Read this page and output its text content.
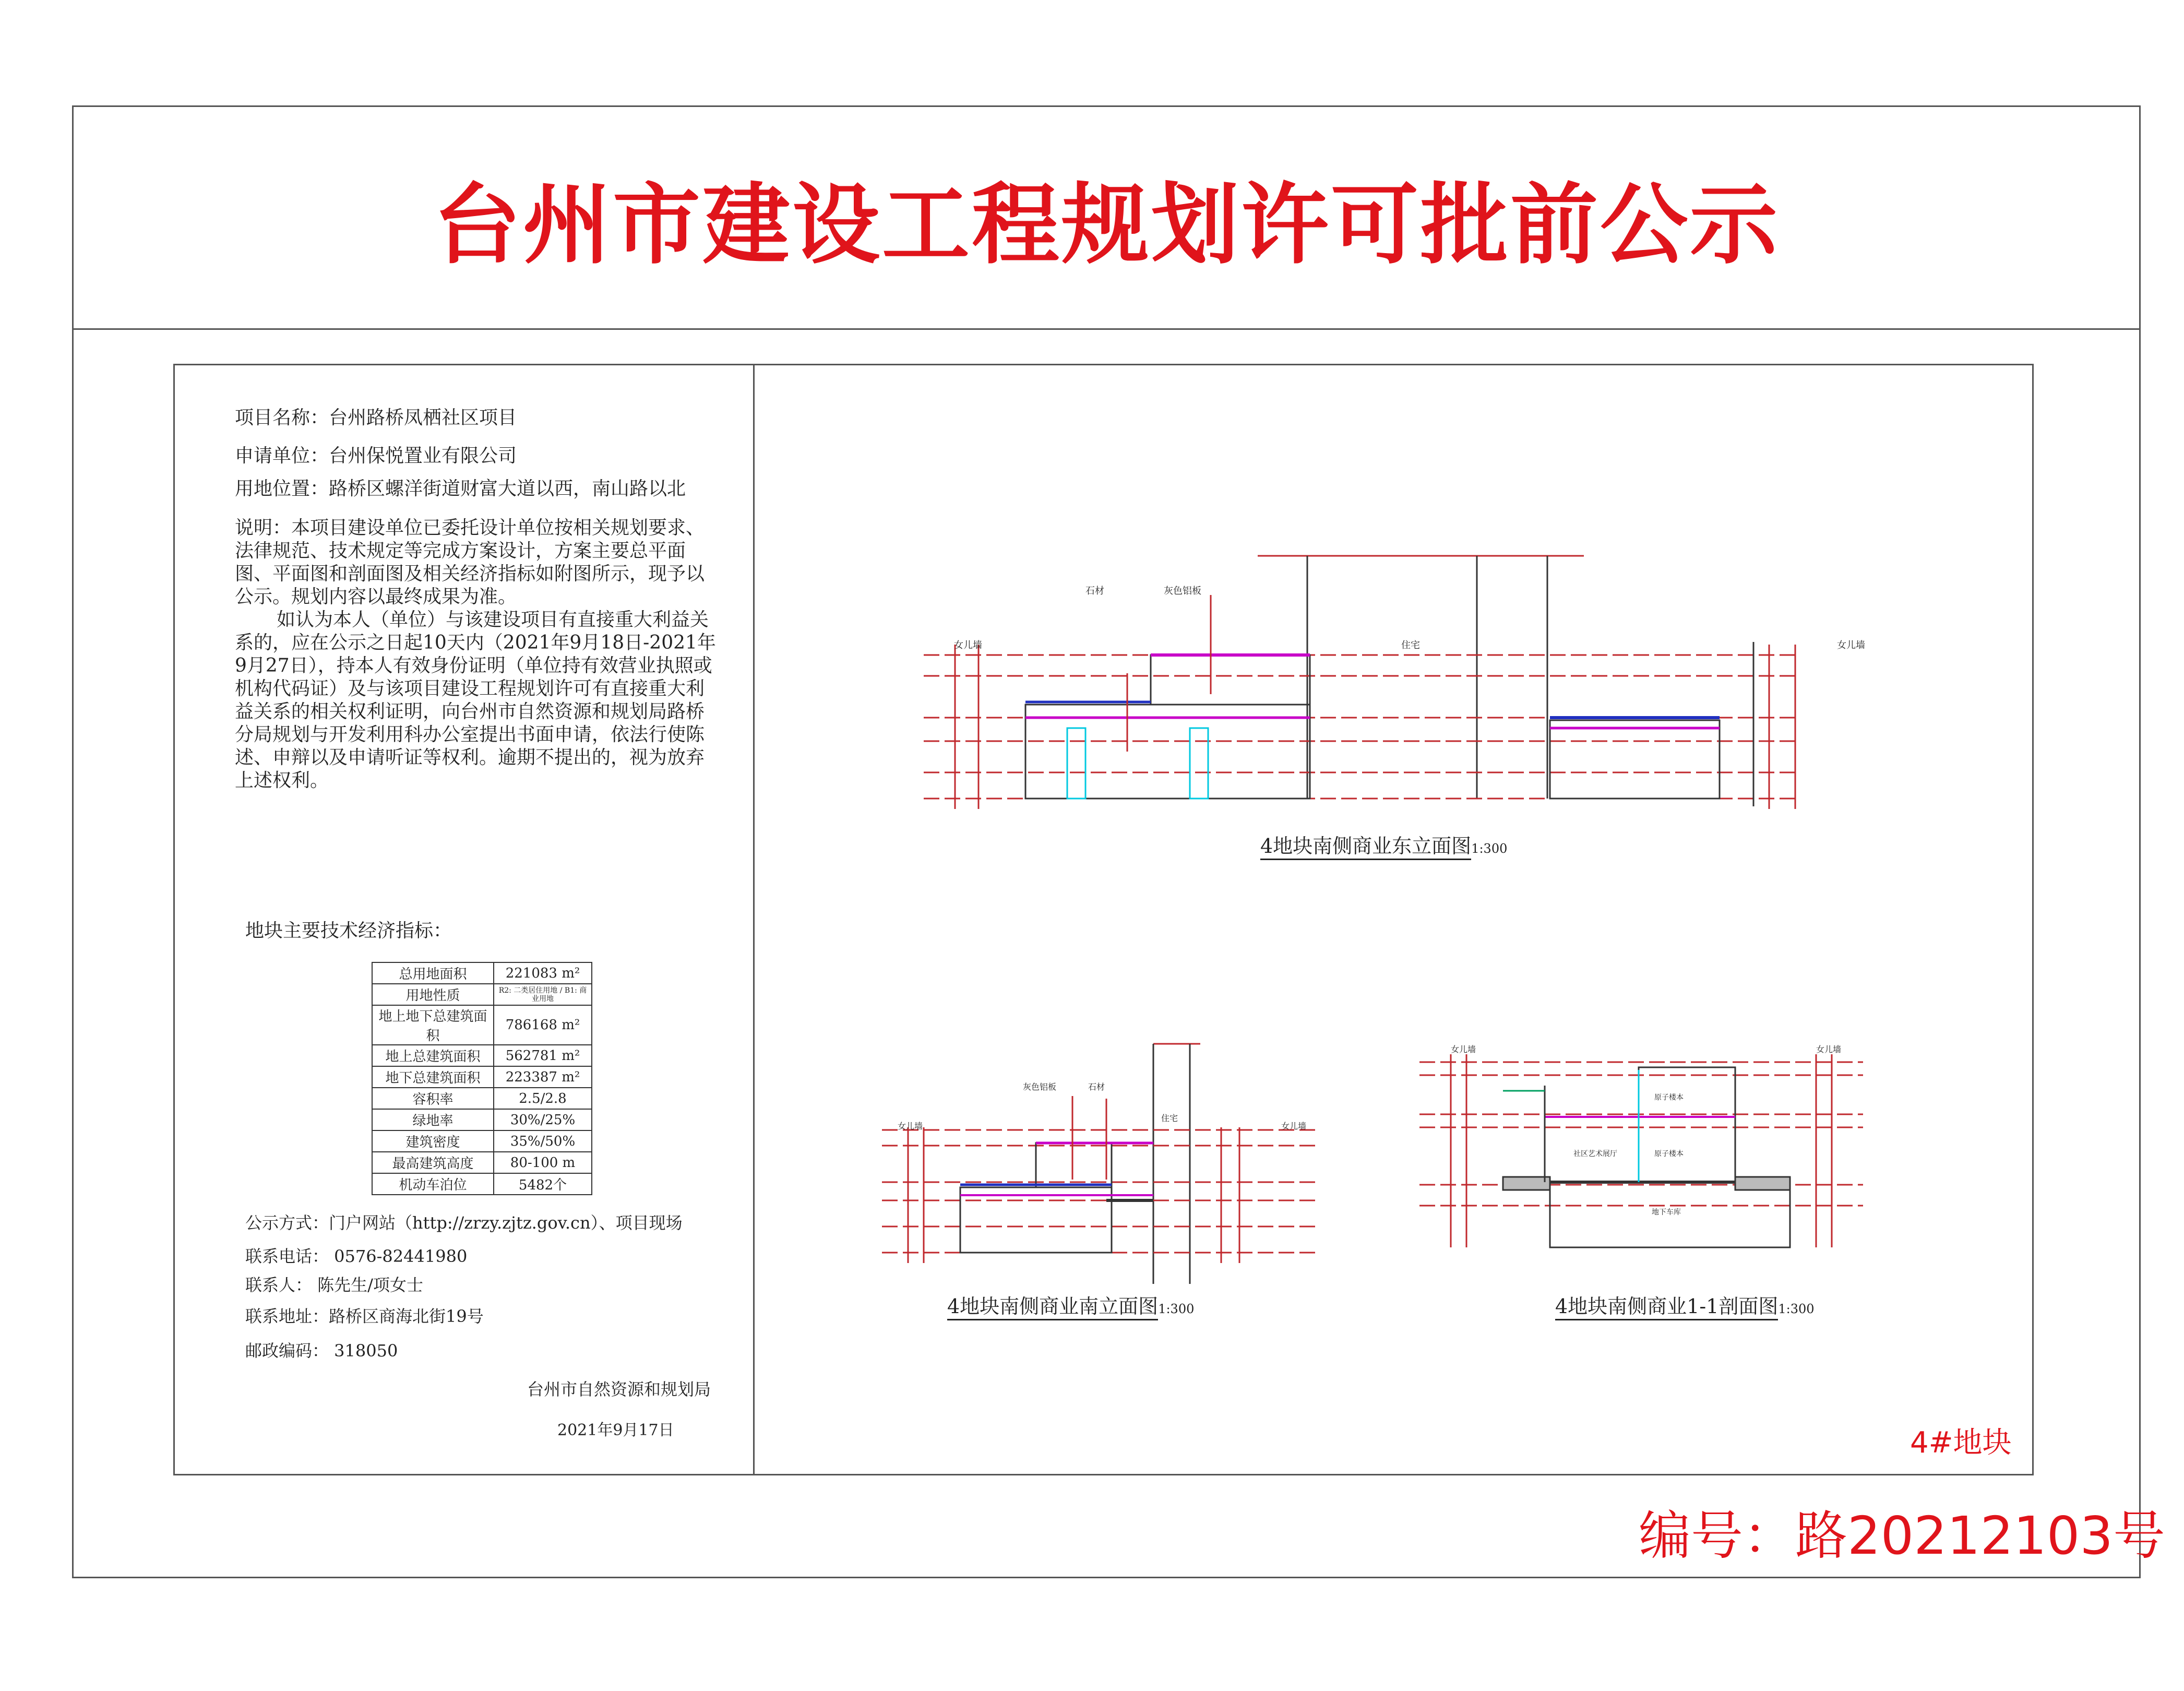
台州市建设工程规划许可批前公示
项目名称：台州路桥凤栖社区项目
申请单位：台州保悦置业有限公司
用地位置：路桥区螺洋街道财富大道以西，南山路以北

说明：本项目建设单位已委托设计单位按相关规划要求、法律规范、技术规定等完成方案设计，方案主要总平面图、平面图和剖面图及相关经济指标如附图所示，现予以公示。规划内容以最终成果为准。

如认为本人（单位）与该建设项目有直接重大利益关系的，应在公示之日起10天内（2021年9月18日-2021年9月27日），持本人有效身份证明（单位持有效营业执照或机构代码证）及与该项目建设工程规划许可有直接重大利益关系的相关权利证明，向台州市自然资源和规划局路桥分局规划与开发利用科办公室提出书面申请，依法行使陈述、申辩以及申请听证等权利。逾期不提出的，视为放弃上述权利。

地块主要技术经济指标：
总用地面积	221083 m²
用地性质	R2: 二类居住用地 / B1: 商业用地
地上地下总建筑面积	786168 m²
地上总建筑面积	562781 m²
地下总建筑面积	223387 m²
容积率	2.5/2.8
绿地率	30%/25%
建筑密度	35%/50%
最高建筑高度	80-100 m
机动车泊位	5482个
公示方式：门户网站（http://zrzy.zjtz.gov.cn）、项目现场
联系电话： 0576-82441980
联系人： 陈先生/项女士
联系地址：路桥区商海北街19号
邮政编码： 318050
台州市自然资源和规划局
2021年9月17日
石材	灰色铝板
住宅
女儿墙	女儿墙
4地块南侧商业东立面图1:300
灰色铝板	石材
住宅
女儿墙	女儿墙
4地块南侧商业南立面图1:300
女儿墙	女儿墙
原子楼本
原子楼本
社区艺术展厅
地下车库
4地块南侧商业1-1剖面图1:300
4#地块
编号：路20212103号
